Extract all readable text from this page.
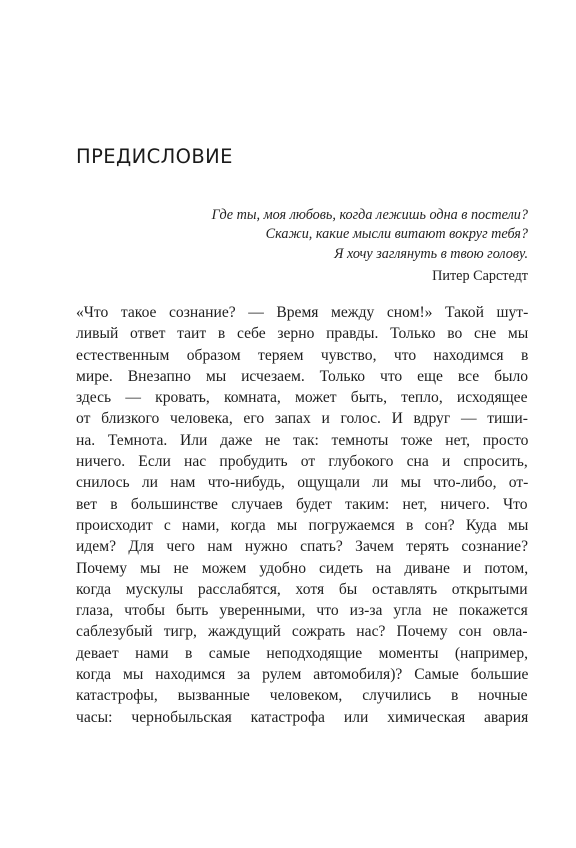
ПРЕДИСЛОВИЕ
Где ты, моя любовь, когда лежишь одна в постели?
Скажи, какие мысли витают вокруг тебя?
Я хочу заглянуть в твою голову.
Питер Сарстедт
«Что такое сознание? — Время между сном!» Такой шут-
ливый ответ таит в себе зерно правды. Только во сне мы
естественным образом теряем чувство, что находимся в
мире. Внезапно мы исчезаем. Только что еще все было
здесь — кровать, комната, может быть, тепло, исходящее
от близкого человека, его запах и голос. И вдруг — тиши-
на. Темнота. Или даже не так: темноты тоже нет, просто
ничего. Если нас пробудить от глубокого сна и спросить,
снилось ли нам что-нибудь, ощущали ли мы что-либо, от-
вет в большинстве случаев будет таким: нет, ничего. Что
происходит с нами, когда мы погружаемся в сон? Куда мы
идем? Для чего нам нужно спать? Зачем терять сознание?
Почему мы не можем удобно сидеть на диване и потом,
когда мускулы расслабятся, хотя бы оставлять открытыми
глаза, чтобы быть уверенными, что из-за угла не покажется
саблезубый тигр, жаждущий сожрать нас? Почему сон овла-
девает нами в самые неподходящие моменты (например,
когда мы находимся за рулем автомобиля)? Самые большие
катастрофы, вызванные человеком, случились в ночные
часы: чернобыльская катастрофа или химическая авария
